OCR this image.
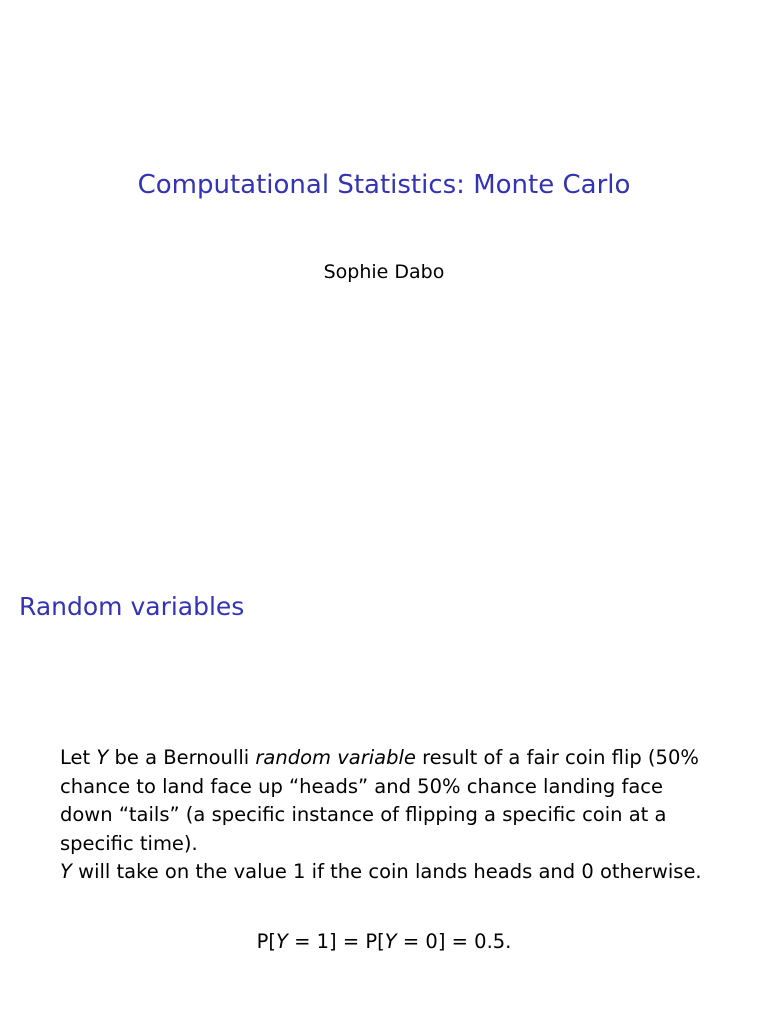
Computational Statistics: Monte Carlo

Sophie Dabo

Random variables

Let Y be a Bernoulli random variable result of a fair coin flip (50% chance to land face up “heads” and 50% chance landing face down “tails” (a specific instance of flipping a specific coin at a specific time).

Y will take on the value 1 if the coin lands heads and 0 otherwise.

P[Y = 1] = P[Y = 0] = 0.5.
